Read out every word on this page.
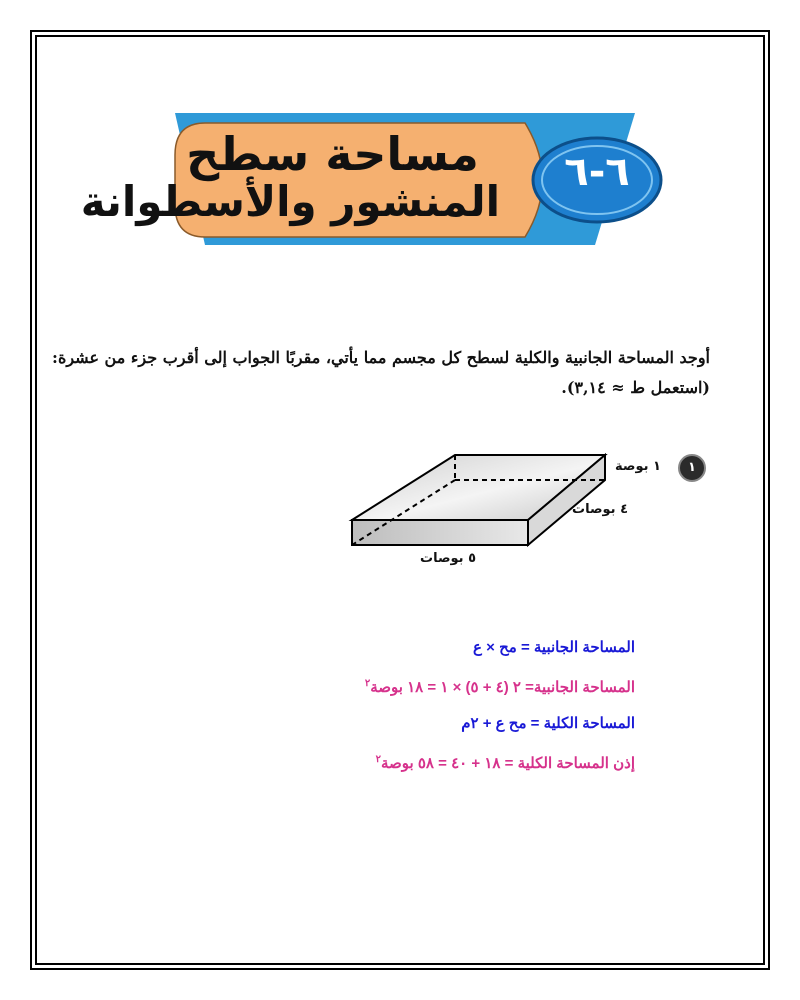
مساحة سطح
المنشور والأسطوانة
٦-٦

أوجد المساحة الجانبية والكلية لسطح كل مجسم مما يأتي، مقربًا الجواب إلى أقرب جزء من عشرة:

(استعمل ط ≈ ٣,١٤).

١
١ بوصة
٤ بوصات
٥ بوصات

المساحة الجانبية = مح × ع

المساحة الجانبية= ٢ (٤ + ٥) × ١ = ١٨ بوصة$^٢$

المساحة الكلية = مح ع + ٢م

إذن المساحة الكلية = ١٨ + ٤٠ = ٥٨ بوصة$^٢$
